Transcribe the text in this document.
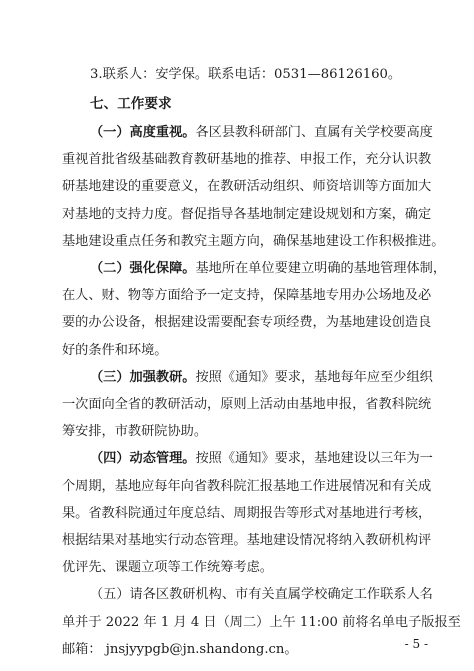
3.联系人：安学保。联系电话：0531—86126160。
七、工作要求
（一）高度重视。各区县教科研部门、直属有关学校要高度
重视首批省级基础教育教研基地的推荐、申报工作，充分认识教
研基地建设的重要意义，在教研活动组织、师资培训等方面加大
对基地的支持力度。督促指导各基地制定建设规划和方案，确定
基地建设重点任务和教究主题方向，确保基地建设工作积极推进。
（二）强化保障。基地所在单位要建立明确的基地管理体制，
在人、财、物等方面给予一定支持，保障基地专用办公场地及必
要的办公设备，根据建设需要配套专项经费，为基地建设创造良
好的条件和环境。
（三）加强教研。按照《通知》要求，基地每年应至少组织
一次面向全省的教研活动，原则上活动由基地申报，省教科院统
筹安排，市教研院协助。
（四）动态管理。按照《通知》要求，基地建设以三年为一
个周期，基地应每年向省教科院汇报基地工作进展情况和有关成
果。省教科院通过年度总结、周期报告等形式对基地进行考核，
根据结果对基地实行动态管理。基地建设情况将纳入教研机构评
优评先、课题立项等工作统筹考虑。
（五）请各区教研机构、市有关直属学校确定工作联系人名
单并于 2022 年 1 月 4 日（周二）上午 11:00 前将名单电子版报至
- 5 -
邮箱： jnsjyypgb@jn.shandong.cn。
